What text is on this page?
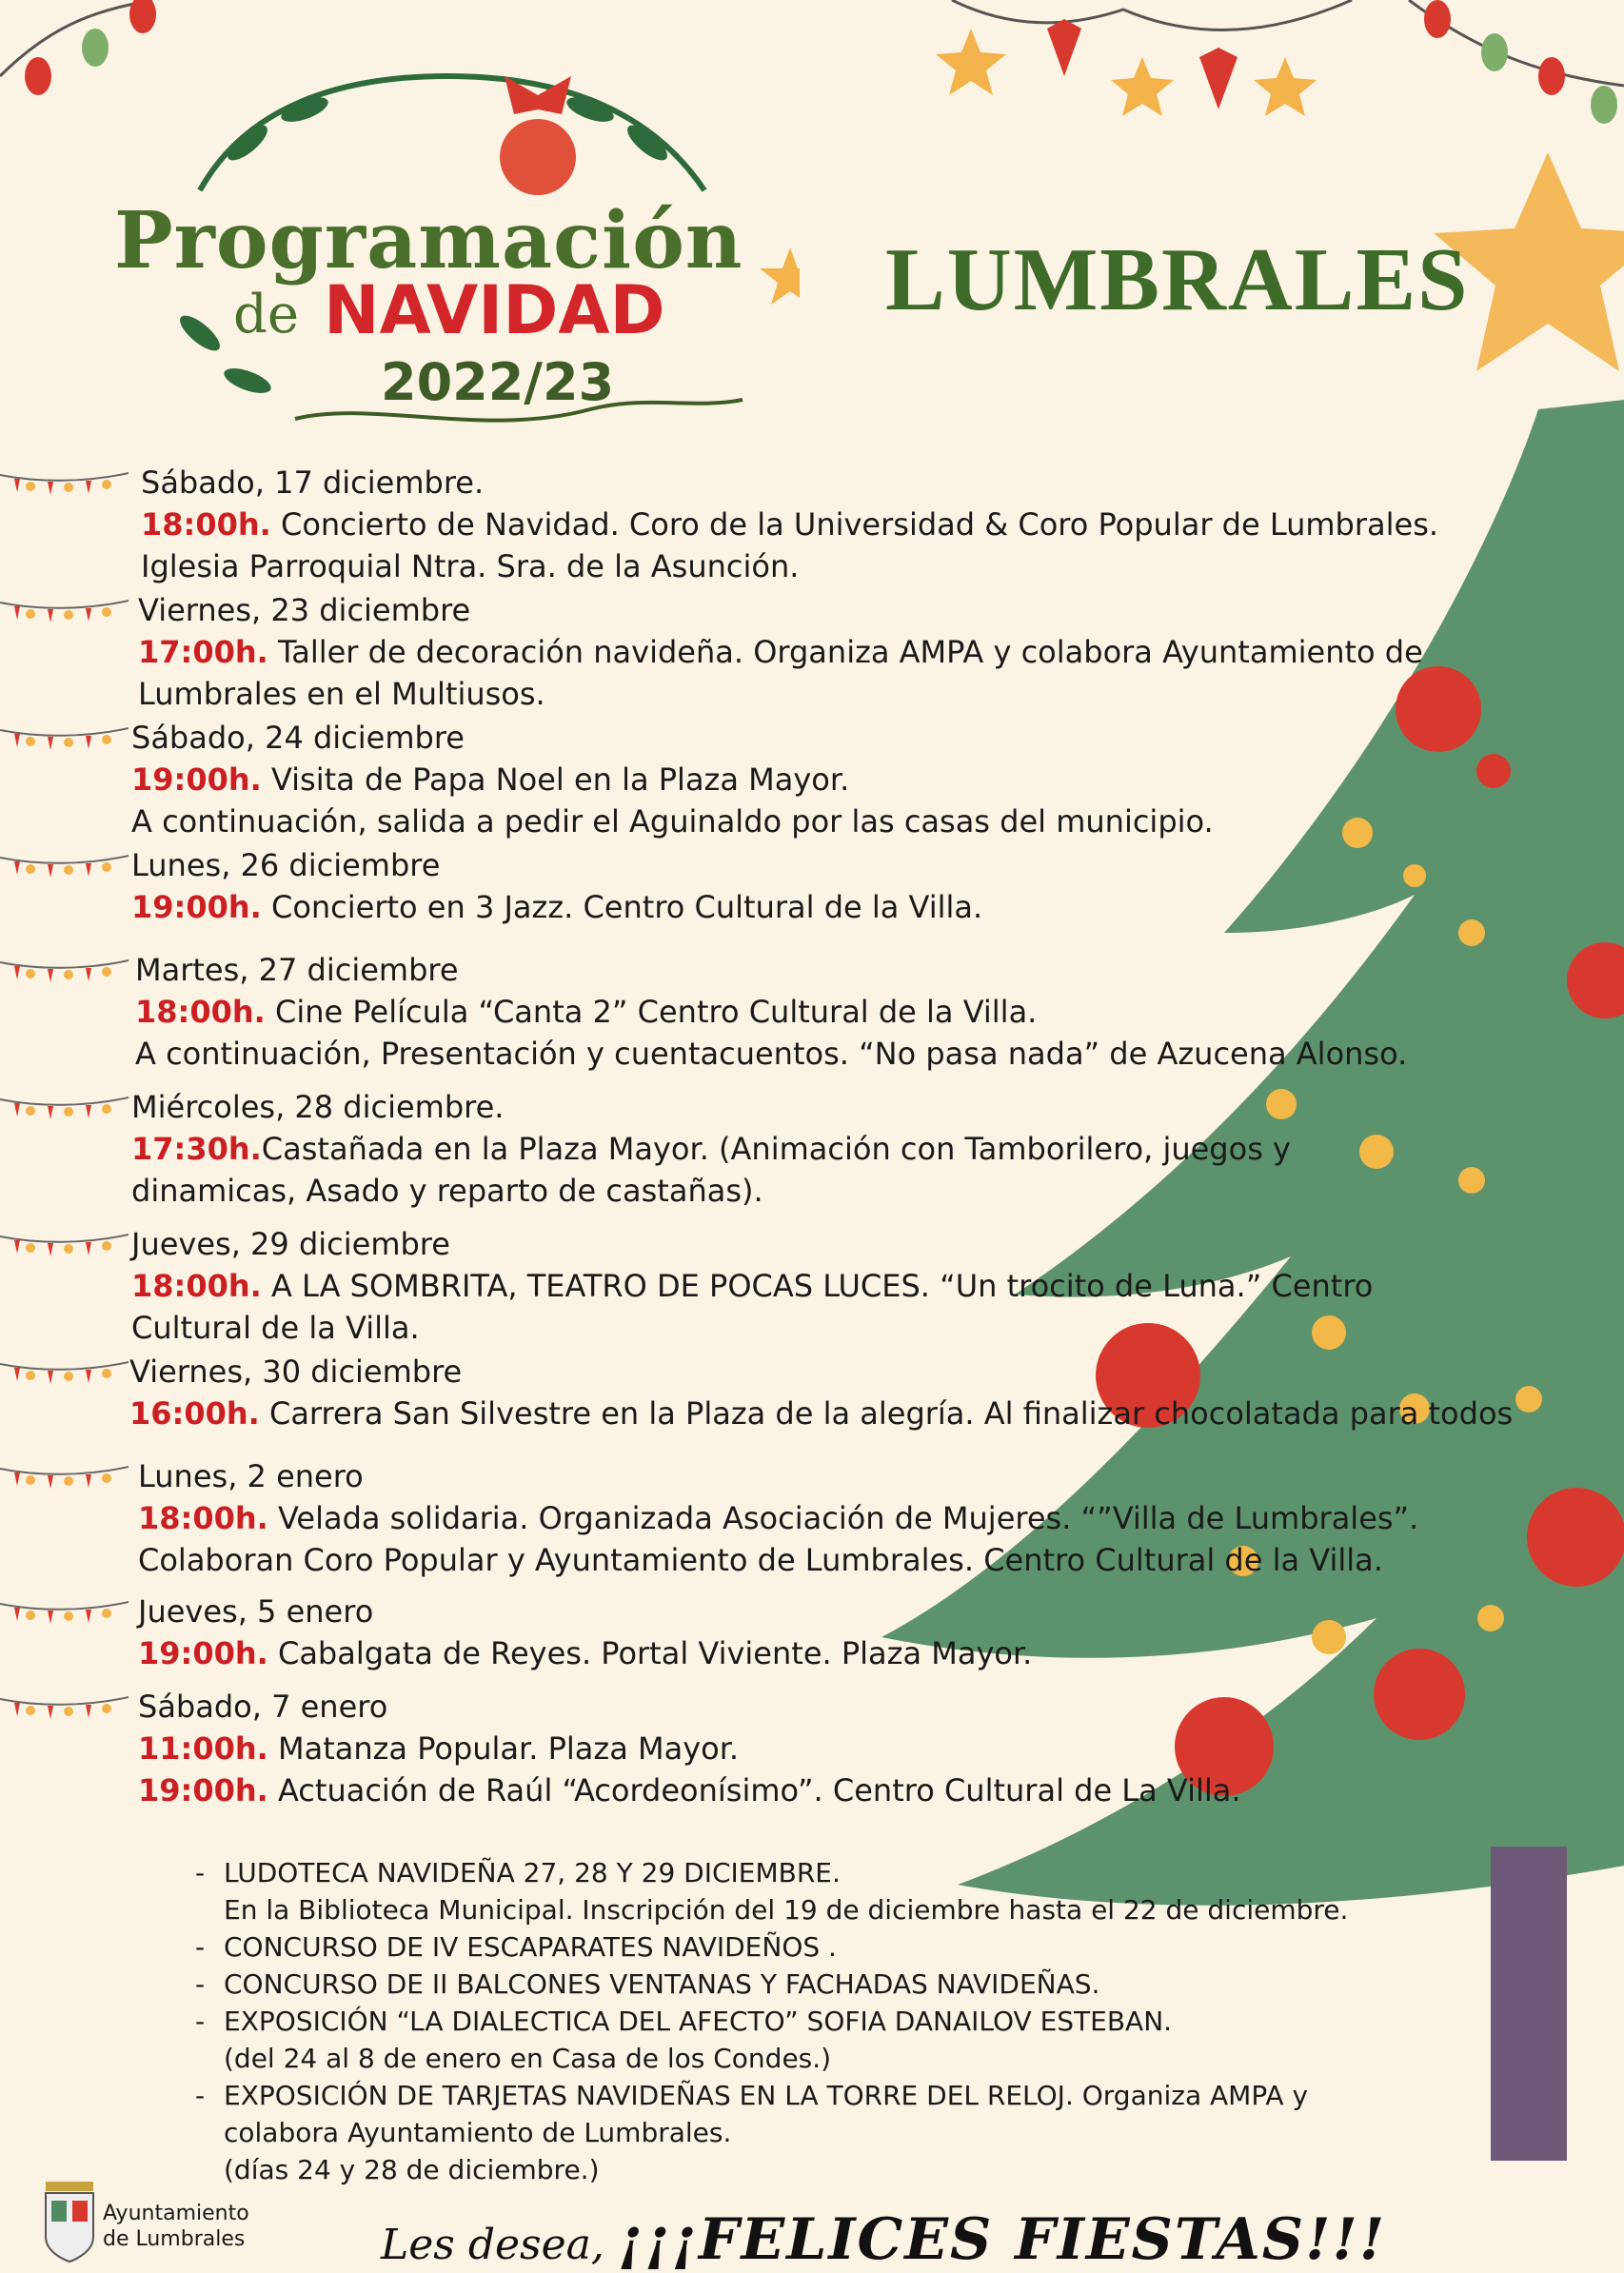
Programación
de NAVIDAD
2022/23
LUMBRALES
Sábado, 17 diciembre.
18:00h. Concierto de Navidad. Coro de la Universidad & Coro Popular de Lumbrales.
Iglesia Parroquial Ntra. Sra. de la Asunción.
Viernes, 23 diciembre
17:00h. Taller de decoración navideña. Organiza AMPA y colabora Ayuntamiento de
Lumbrales en el Multiusos.
Sábado, 24 diciembre
19:00h. Visita de Papa Noel en la Plaza Mayor.
A continuación, salida a pedir el Aguinaldo por las casas del municipio.
Lunes, 26 diciembre
19:00h. Concierto en 3 Jazz. Centro Cultural de la Villa.
Martes, 27 diciembre
18:00h. Cine Película “Canta 2” Centro Cultural de la Villa.
A continuación, Presentación y cuentacuentos. “No pasa nada” de Azucena Alonso.
Miércoles, 28 diciembre.
17:30h.Castañada en la Plaza Mayor. (Animación con Tamborilero, juegos y
dinamicas, Asado y reparto de castañas).
Jueves, 29 diciembre
18:00h. A LA SOMBRITA, TEATRO DE POCAS LUCES. “Un trocito de Luna.” Centro
Cultural de la Villa.
Viernes, 30 diciembre
16:00h. Carrera San Silvestre en la Plaza de la alegría. Al finalizar chocolatada para todos
Lunes, 2 enero
18:00h. Velada solidaria. Organizada Asociación de Mujeres. “”Villa de Lumbrales”.
Colaboran Coro Popular y Ayuntamiento de Lumbrales. Centro Cultural de la Villa.
Jueves, 5 enero
19:00h. Cabalgata de Reyes. Portal Viviente. Plaza Mayor.
Sábado, 7 enero
11:00h. Matanza Popular. Plaza Mayor.
19:00h. Actuación de Raúl “Acordeonísimo”. Centro Cultural de La Villa.
- LUDOTECA NAVIDEÑA 27, 28 Y 29 DICIEMBRE.
En la Biblioteca Municipal. Inscripción del 19 de diciembre hasta el 22 de diciembre.
- CONCURSO DE IV ESCAPARATES NAVIDEÑOS .
- CONCURSO DE II BALCONES VENTANAS Y FACHADAS NAVIDEÑAS.
- EXPOSICIÓN “LA DIALECTICA DEL AFECTO” SOFIA DANAILOV ESTEBAN.
(del 24 al 8 de enero en Casa de los Condes.)
- EXPOSICIÓN DE TARJETAS NAVIDEÑAS EN LA TORRE DEL RELOJ. Organiza AMPA y
colabora Ayuntamiento de Lumbrales.
(días 24 y 28 de diciembre.)
Ayuntamiento
de Lumbrales	Les desea, ¡¡¡FELICES FIESTAS!!!
